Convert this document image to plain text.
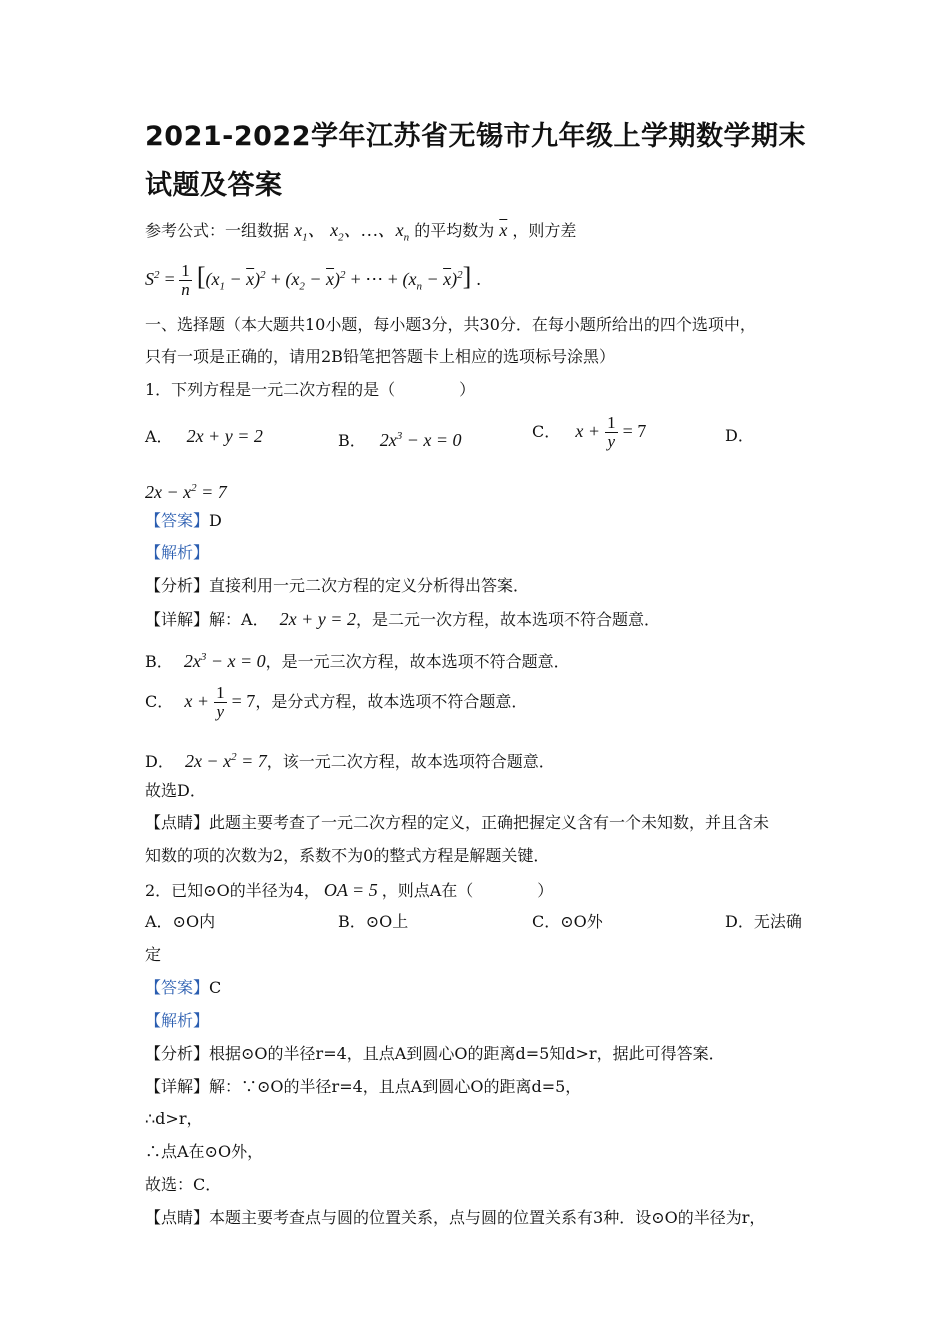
2021-2022学年江苏省无锡市九年级上学期数学期末试题及答案
参考公式：一组数据 $x_1$、 $x_2$、…、$x_n$ 的平均数为 $\overline{x}$ ，则方差
$S^2 = \frac{1}{n} [(x_1 - \overline{x})^2 + (x_2 - \overline{x})^2$ + ⋯ + $(x_n - \overline{x})^2$] .
一、选择题（本大题共10小题，每小题3分，共30分．在每小题所给出的四个选项中，
只有一项是正确的，请用2B铅笔把答题卡上相应的选项标号涂黑）
1．下列方程是一元二次方程的是（　　　　）
A． 2x + y = 2	B． $2x^3 - x = 0$	C． $x + \frac{1}{y} = 7$	D．
$2x - x^2 = 7$
【答案】D
【解析】
【分析】直接利用一元二次方程的定义分析得出答案．
【详解】解：A． 2x + y = 2，是二元一次方程，故本选项不符合题意．
B． $2x^3 - x = 0$，是一元三次方程，故本选项不符合题意．
C． $x + \frac{1}{y} = 7$，是分式方程，故本选项不符合题意．
D． $2x - x^2 = 7$，该一元二次方程，故本选项符合题意．
故选D．
【点睛】此题主要考查了一元二次方程的定义，正确把握定义含有一个未知数，并且含未
知数的项的次数为2，系数不为0的整式方程是解题关键．
2．已知⊙O的半径为4， OA = 5 ，则点A在（　　　　）
A．⊙O内	B．⊙O上	C．⊙O外	D．无法确
定
【答案】C
【解析】
【分析】根据⊙O的半径r=4，且点A到圆心O的距离d=5知d>r，据此可得答案．
【详解】解：∵⊙O的半径r=4，且点A到圆心O的距离d=5，
∴d>r，
∴点A在⊙O外，
故选：C．
【点睛】本题主要考查点与圆的位置关系，点与圆的位置关系有3种．设⊙O的半径为r，
